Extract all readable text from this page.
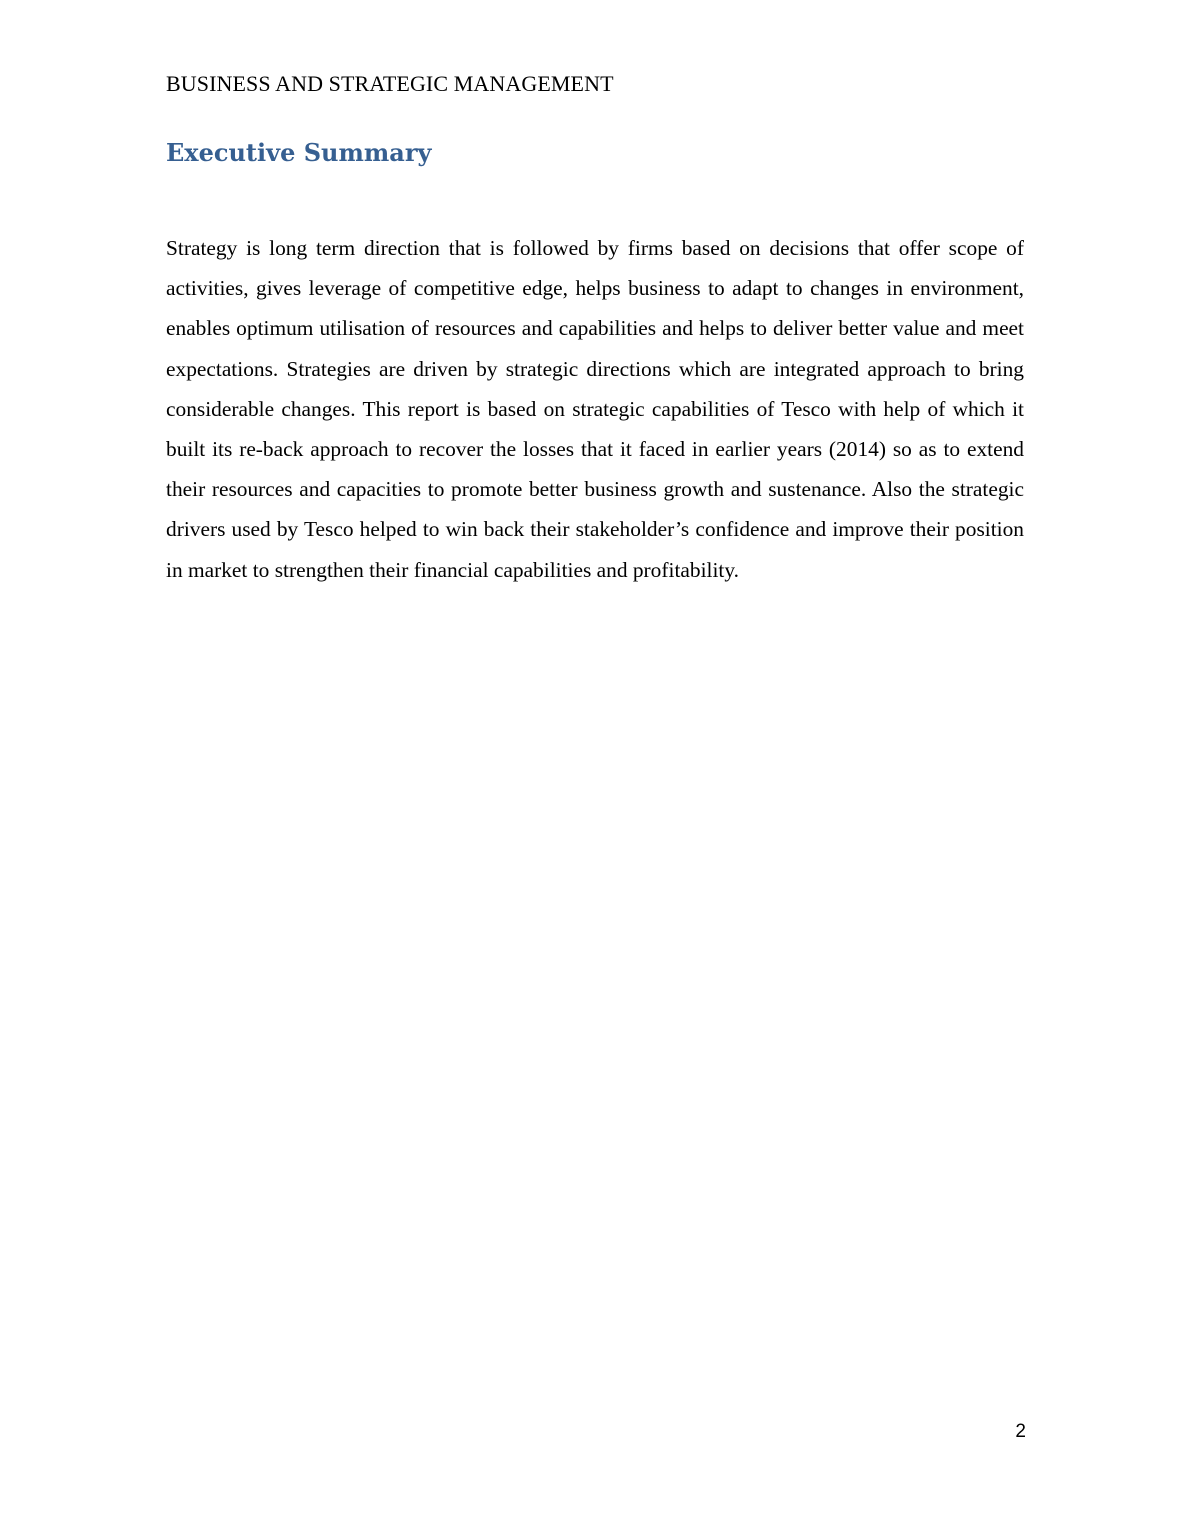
BUSINESS AND STRATEGIC MANAGEMENT
Executive Summary

Strategy is long term direction that is followed by firms based on decisions that offer scope of activities, gives leverage of competitive edge, helps business to adapt to changes in environment, enables optimum utilisation of resources and capabilities and helps to deliver better value and meet expectations. Strategies are driven by strategic directions which are integrated approach to bring considerable changes. This report is based on strategic capabilities of Tesco with help of which it built its re-back approach to recover the losses that it faced in earlier years (2014) so as to extend their resources and capacities to promote better business growth and sustenance. Also the strategic drivers used by Tesco helped to win back their stakeholder’s confidence and improve their position in market to strengthen their financial capabilities and profitability.

2
